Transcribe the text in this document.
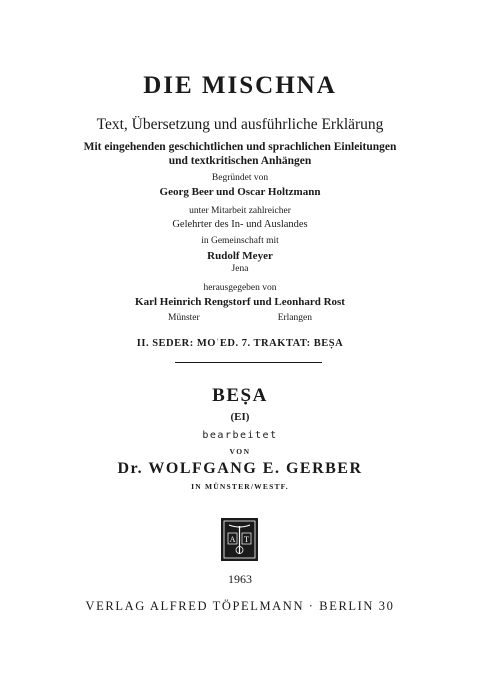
DIE MISCHNA
Text, Übersetzung und ausführliche Erklärung
Mit eingehenden geschichtlichen und sprachlichen Einleitungen
und textkritischen Anhängen
Begründet von
Georg Beer und Oscar Holtzmann
unter Mitarbeit zahlreicher
Gelehrter des In- und Auslandes
in Gemeinschaft mit
Rudolf Meyer
Jena
herausgegeben von
Karl Heinrich Rengstorf und Leonhard Rost
Münster	Erlangen
II. SEDER: MOʿED. 7. TRAKTAT: BEṢA
BEṢA
(EI)
bearbeitet
VON
Dr. WOLFGANG E. GERBER
IN MÜNSTER/WESTF.
A T
1963
VERLAG ALFRED TÖPELMANN · BERLIN 30
